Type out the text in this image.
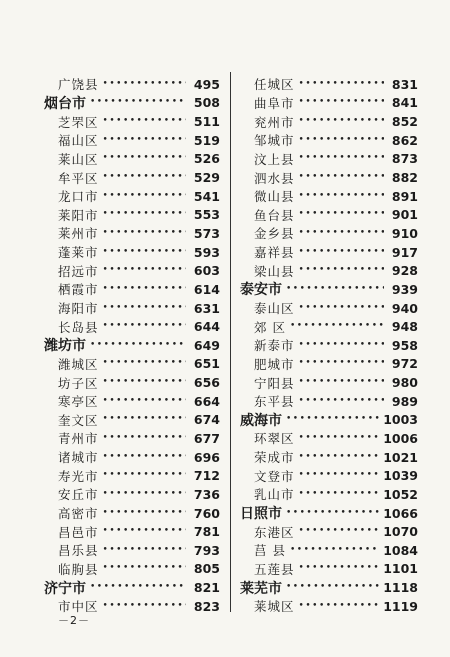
广饶县 •••••	495
烟台市 •••••	508
芝罘区 •••••	511
福山区 •••••	519
莱山区 •••••	526
牟平区 •••••	529
龙口市 •••••	541
莱阳市 •••••	553
莱州市 •••••	573
蓬莱市 •••••	593
招远市 •••••	603
栖霞市 •••••	614
海阳市 •••••	631
长岛县 •••••	644
潍坊市 •••••	649
潍城区 •••••	651
坊子区 •••••	656
寒亭区 •••••	664
奎文区 •••••	674
青州市 •••••	677
诸城市 •••••	696
寿光市 •••••	712
安丘市 •••••	736
高密市 •••••	760
昌邑市 •••••	781
昌乐县 •••••	793
临朐县 •••••	805
济宁市 •••••	821
市中区 •••••	823
任城区 •••••	831
曲阜市 •••••	841
兖州市 •••••	852
邹城市 •••••	862
汶上县 •••••	873
泗水县 •••••	882
微山县 •••••	891
鱼台县 •••••	901
金乡县 •••••	910
嘉祥县 •••••	917
梁山县 •••••	928
泰安市 •••••	939
泰山区 •••••	940
郊 区 •••••	948
新泰市 •••••	958
肥城市 •••••	972
宁阳县 •••••	980
东平县 •••••	989
威海市 •••••	1003
环翠区 •••••	1006
荣成市 •••••	1021
文登市 •••••	1039
乳山市 •••••	1052
日照市 •••••	1066
东港区 •••••	1070
莒 县 •••••	1084
五莲县 •••••	1101
莱芜市 •••••	1118
莱城区 •••••	1119
－2－
